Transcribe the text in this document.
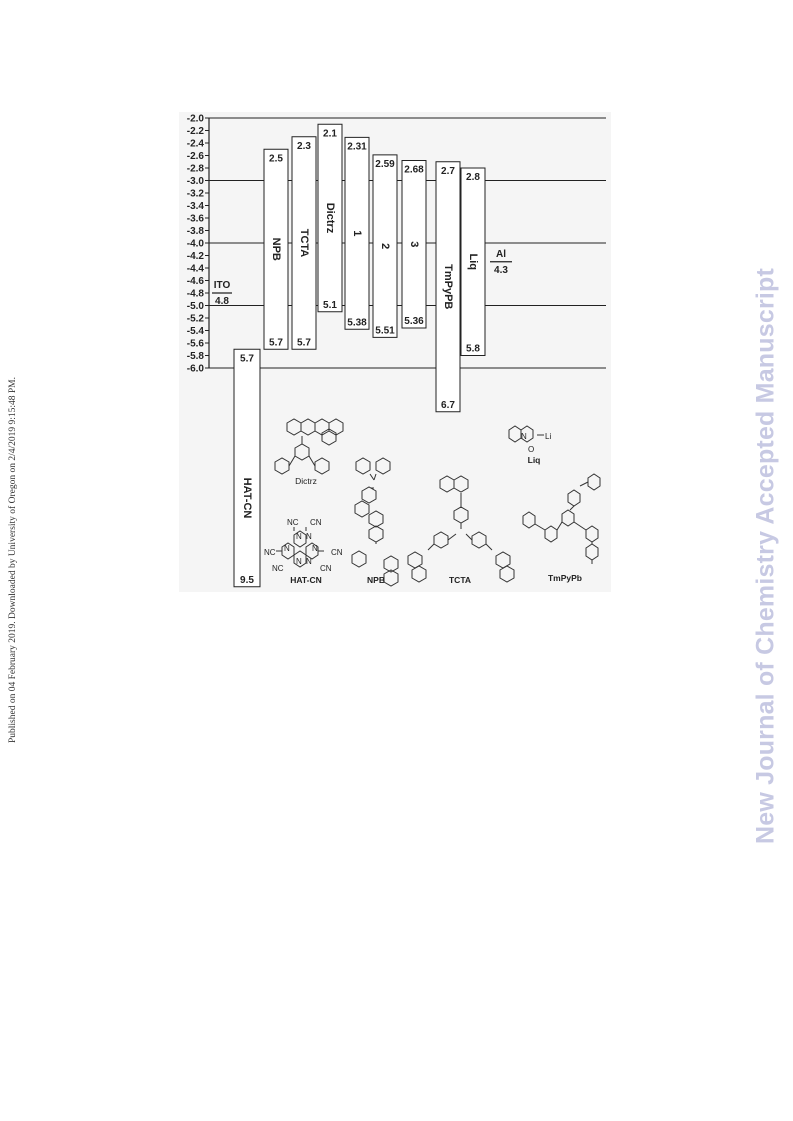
Published on 04 February 2019. Downloaded by University of Oregon on 2/4/2019 9:15:48 PM.	New Journal of Chemistry Accepted Manuscript
-2.0
-2.2
-2.4
-2.6
-2.8
-3.0
-3.2
-3.4
-3.6
-3.8
-4.0
-4.2
-4.4
-4.6
-4.8
-5.0
-5.2
-5.4
-5.6
-5.8
-6.0
5.7
9.5
HAT-CN
2.5
5.7
NPB
2.3
5.7
TCTA
2.1
5.1
Dictrz
2.31
5.38
1
2.59
5.51
2
2.68
5.36
3
2.7
6.7
TmPyPB
2.8
5.8
Liq
ITO
4.8
Al
4.3
NC CN
NC	CN
NC	CN
N N
N	N
N N
N Li
O
Dictrz
HAT-CN	NPB	TCTA
Liq
TmPyPb
